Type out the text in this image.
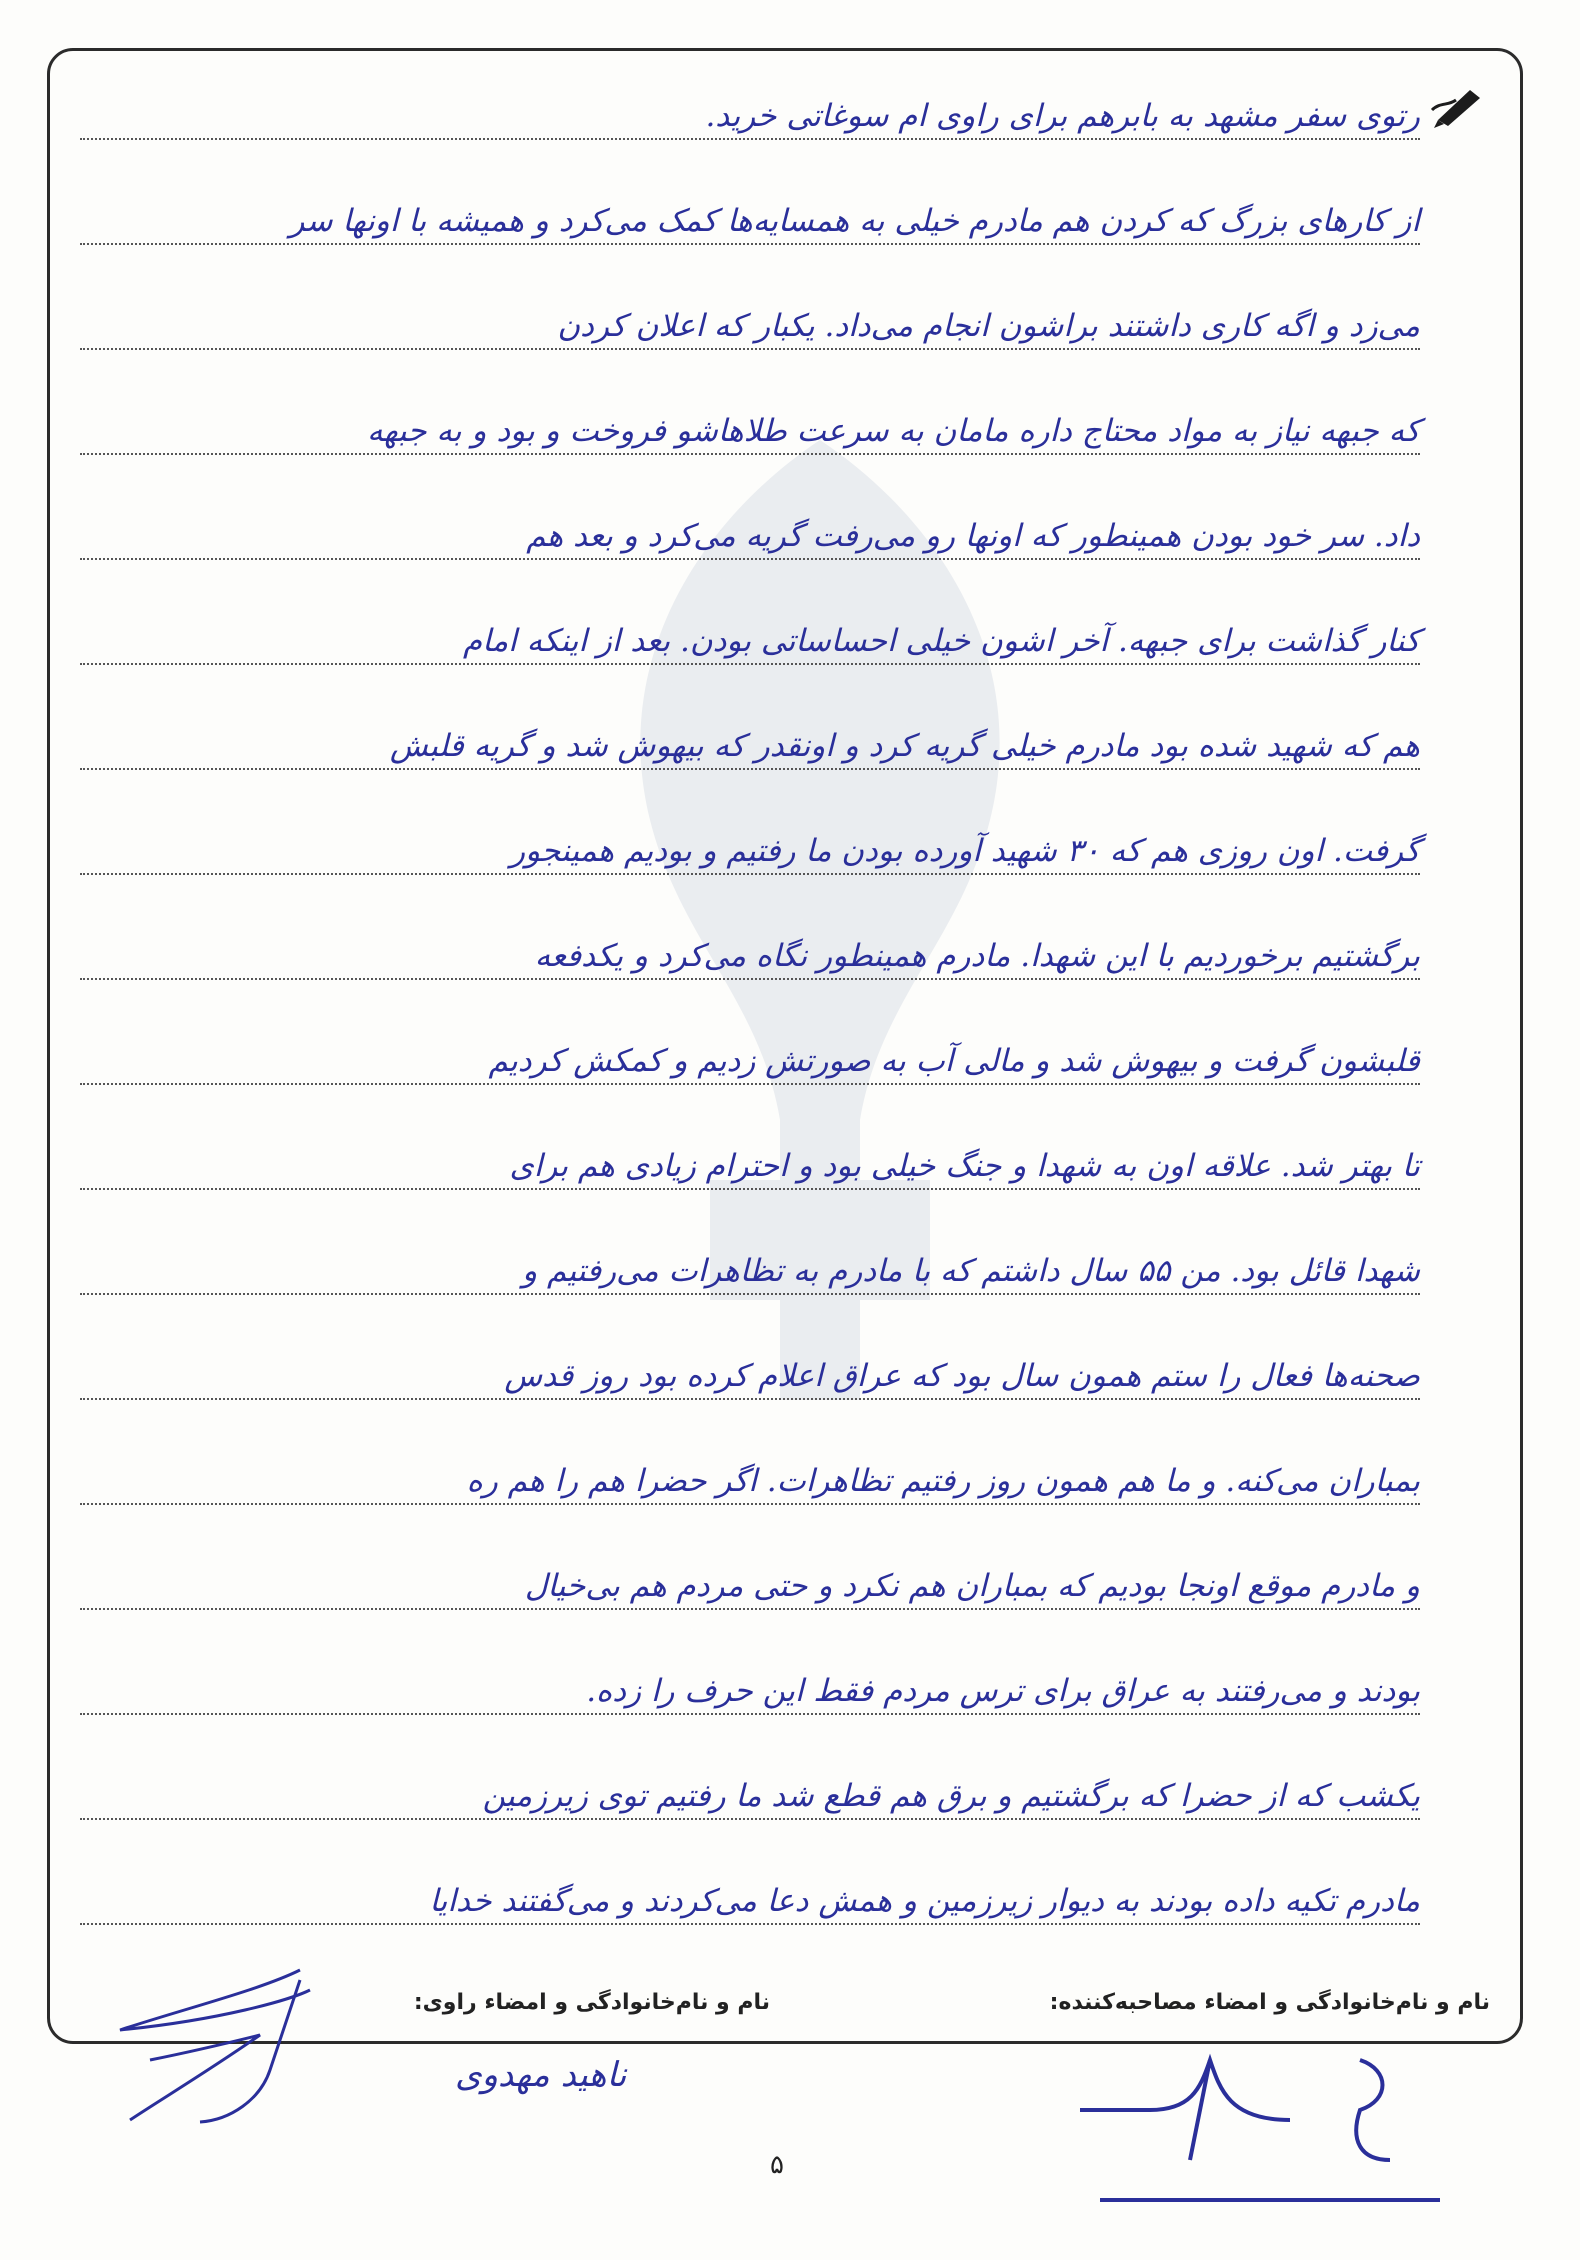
رتوی سفر مشهد به بابرهم برای راوی ام سوغاتی خرید.
از کارهای بزرگ که کردن هم مادرم خیلی به همسایه‌ها کمک می‌کرد و همیشه با اونها سر
می‌زد و اگه کاری داشتند براشون انجام می‌داد. یکبار که اعلان کردن
که جبهه نیاز به مواد محتاج داره مامان به سرعت طلاهاشو فروخت و بود و به جبهه
داد. سر خود بودن همینطور که اونها رو می‌رفت گریه می‌کرد و بعد هم
کنار گذاشت برای جبهه. آخر اشون خیلی احساساتی بودن. بعد از اینکه امام
هم که شهید شده بود مادرم خیلی گریه کرد و اونقدر که بیهوش شد و گریه قلبش
گرفت. اون روزی هم که ۳۰ شهید آورده بودن ما رفتیم و بودیم همینجور
برگشتیم برخوردیم با این شهدا. مادرم همینطور نگاه می‌کرد و یکدفعه
قلبشون گرفت و بیهوش شد و مالی آب به صورتش زدیم و کمکش کردیم
تا بهتر شد. علاقه اون به شهدا و جنگ خیلی بود و احترام زیادی هم برای
شهدا قائل بود. من ۵۵ سال داشتم که با مادرم به تظاهرات می‌رفتیم و
صحنه‌ها فعال را ستم همون سال بود که عراق اعلام کرده بود روز قدس
بمباران می‌کنه. و ما هم همون روز رفتیم تظاهرات. اگر حضرا هم را هم ره
و مادرم موقع اونجا بودیم که بمباران هم نکرد و حتی مردم هم بی‌خیال
بودند و می‌رفتند به عراق برای ترس مردم فقط این حرف را زده.
یکشب که از حضرا که برگشتیم و برق هم قطع شد ما رفتیم توی زیرزمین
مادرم تکیه داده بودند به دیوار زیرزمین و همش دعا می‌کردند و می‌گفتند خدایا
نام و نام‌خانوادگی و امضاء مصاحبه‌کننده:
نام و نام‌خانوادگی و امضاء راوی:
ناهید مهدوی
۵
